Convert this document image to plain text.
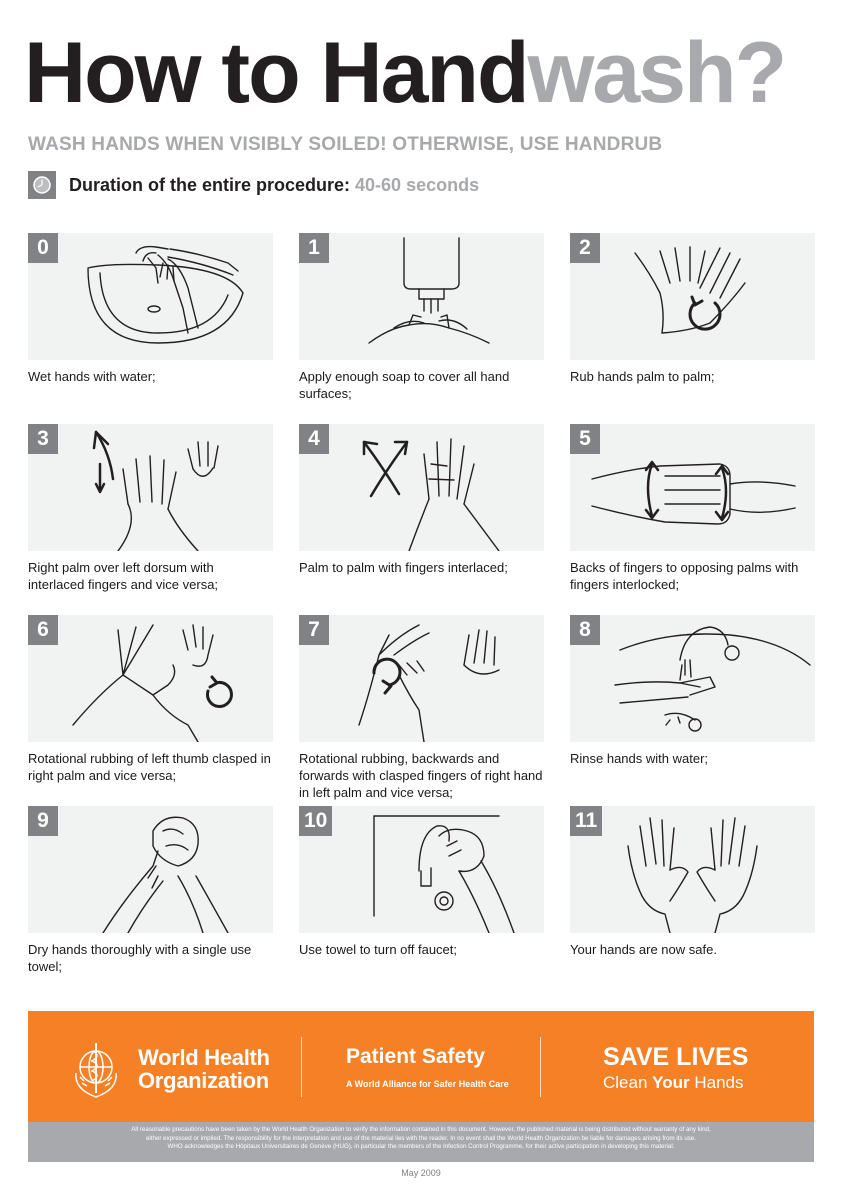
How to Handwash?
WASH HANDS WHEN VISIBLY SOILED! OTHERWISE, USE HANDRUB
Duration of the entire procedure: 40-60 seconds
0
Wet hands with water;
1
Apply enough soap to cover all hand surfaces;
2
Rub hands palm to palm;
3
Right palm over left dorsum with interlaced fingers and vice versa;
4
Palm to palm with fingers interlaced;
5
Backs of fingers to opposing palms with fingers interlocked;
6
Rotational rubbing of left thumb clasped in right palm and vice versa;
7
Rotational rubbing, backwards and forwards with clasped fingers of right hand in left palm and vice versa;
8
Rinse hands with water;
9
Dry hands thoroughly with a single use towel;
10
Use towel to turn off faucet;
11
Your hands are now safe.
World Health
Organization
Patient Safety
A World Alliance for Safer Health Care
SAVE LIVES
Clean Your Hands
All reasonable precautions have been taken by the World Health Organization to verify the information contained in this document. However, the published material is being distributed without warranty of any kind,
either expressed or implied. The responsibility for the interpretation and use of the material lies with the reader. In no event shall the World Health Organization be liable for damages arising from its use.
WHO acknowledges the Hôpitaux Universitaires de Genève (HUG), in particular the members of the Infection Control Programme, for their active participation in developing this material.
May 2009
